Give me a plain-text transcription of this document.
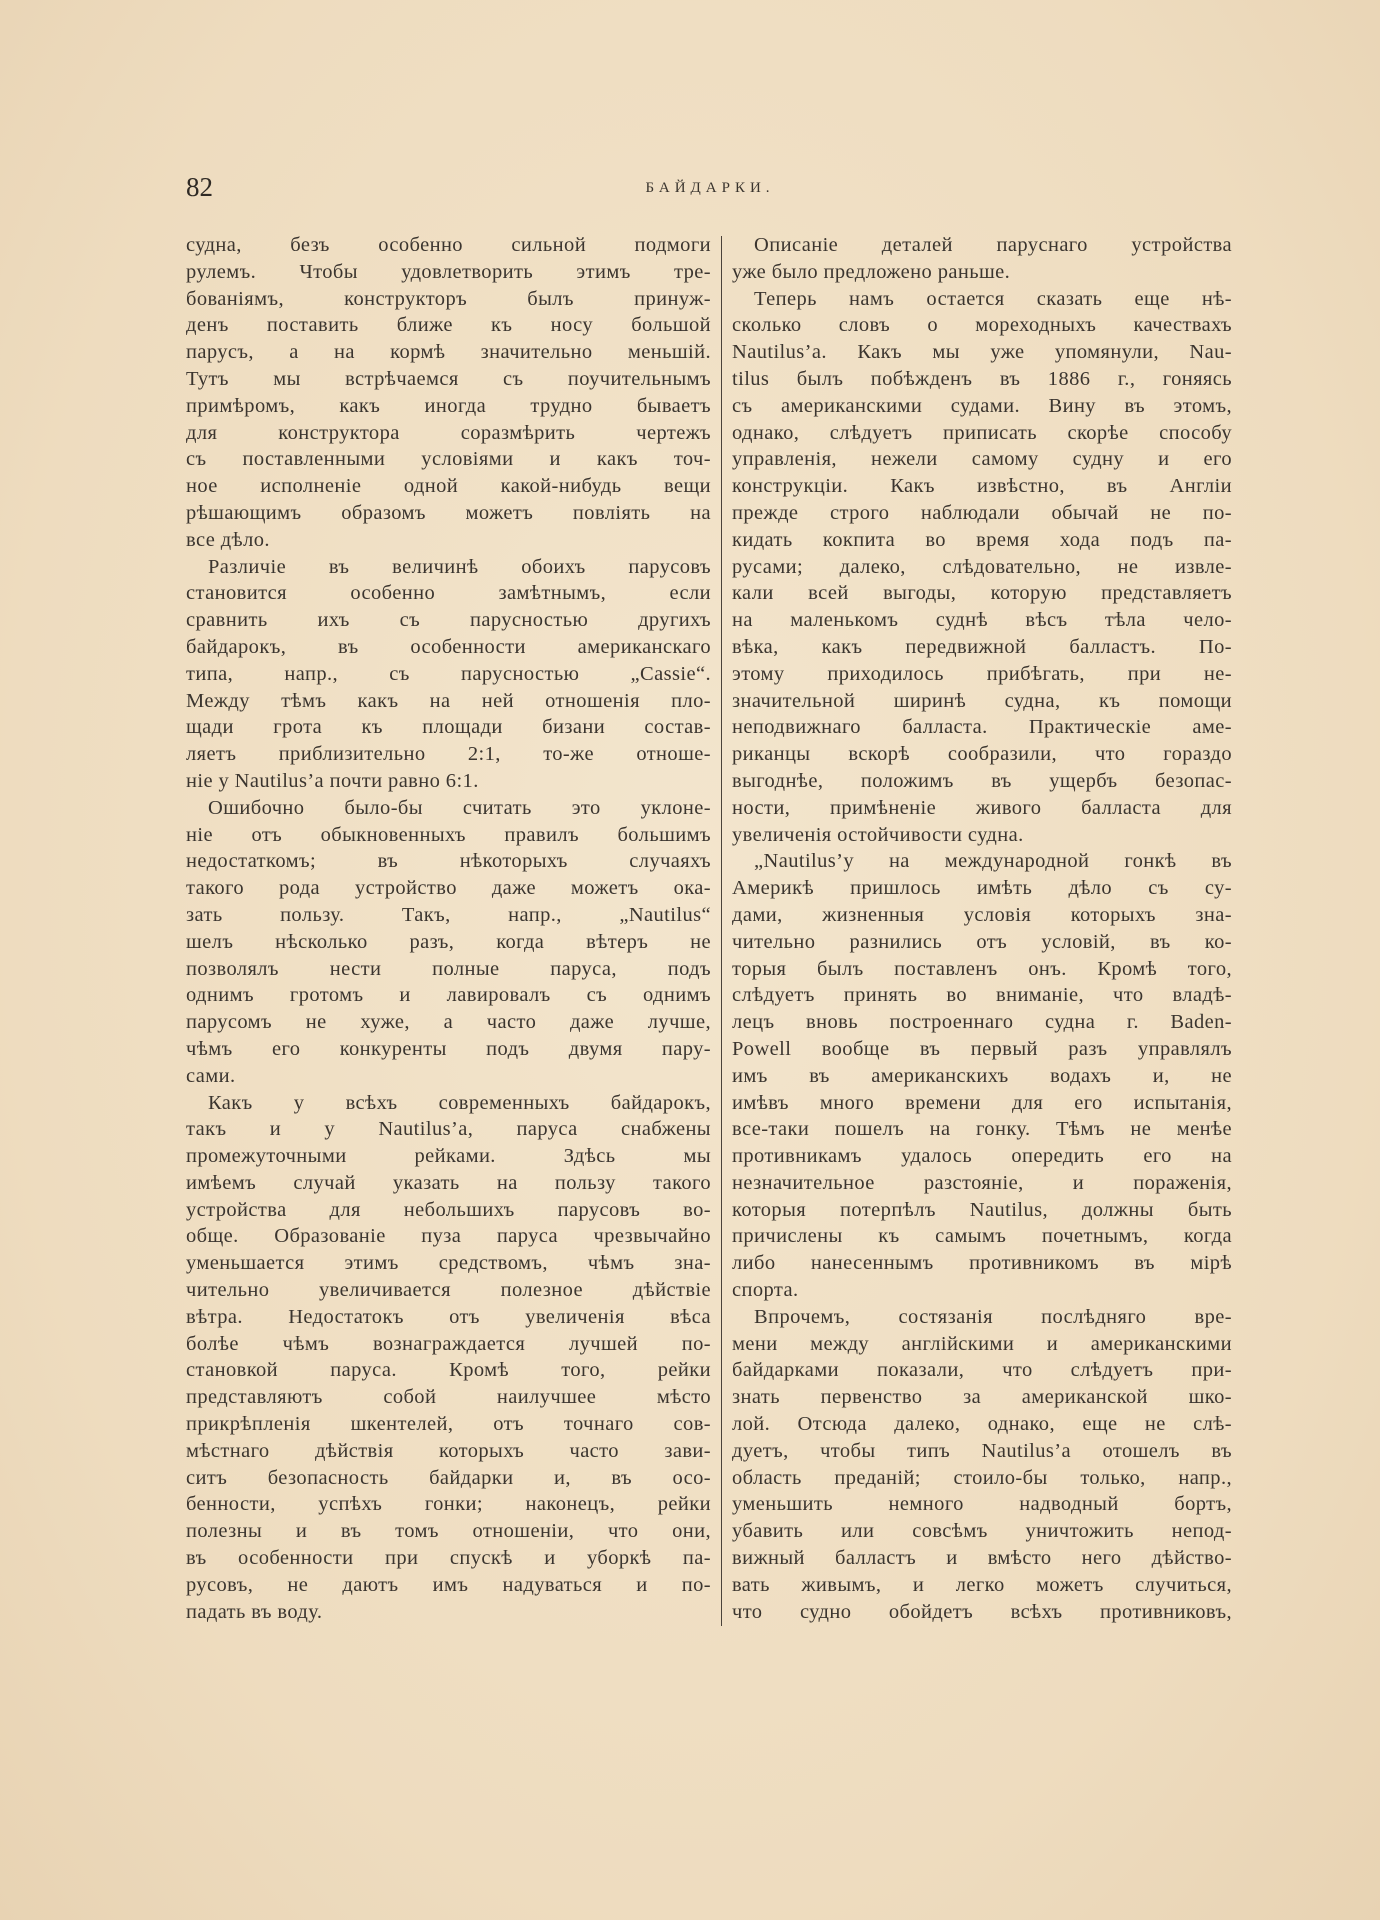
82	БАЙДАРКИ.
судна, безъ особенно сильной подмоги
рулемъ. Чтобы удовлетворить этимъ тре-
бованіямъ, конструкторъ былъ принуж-
денъ поставить ближе къ носу большой
парусъ, а на кормѣ значительно меньшій.
Тутъ мы встрѣчаемся съ поучительнымъ
примѣромъ, какъ иногда трудно бываетъ
для конструктора соразмѣрить чертежъ
съ поставленными условіями и какъ точ-
ное исполненіе одной какой-нибудь вещи
рѣшающимъ образомъ можетъ повліять на
все дѣло.
Различіе въ величинѣ обоихъ парусовъ
становится особенно замѣтнымъ, если
сравнить ихъ съ парусностью другихъ
байдарокъ, въ особенности американскаго
типа, напр., съ парусностью „Cassie“.
Между тѣмъ какъ на ней отношенія пло-
щади грота къ площади бизани состав-
ляетъ приблизительно 2:1, то-же отноше-
ніе у Nautilus’a почти равно 6:1.
Ошибочно было-бы считать это уклоне-
ніе отъ обыкновенныхъ правилъ большимъ
недостаткомъ; въ нѣкоторыхъ случаяхъ
такого рода устройство даже можетъ ока-
зать пользу. Такъ, напр., „Nautilus“
шелъ нѣсколько разъ, когда вѣтеръ не
позволялъ нести полные паруса, подъ
однимъ гротомъ и лавировалъ съ однимъ
парусомъ не хуже, а часто даже лучше,
чѣмъ его конкуренты подъ двумя пару-
сами.
Какъ у всѣхъ современныхъ байдарокъ,
такъ и у Nautilus’a, паруса снабжены
промежуточными рейками. Здѣсь мы
имѣемъ случай указать на пользу такого
устройства для небольшихъ парусовъ во-
обще. Образованіе пуза паруса чрезвычайно
уменьшается этимъ средствомъ, чѣмъ зна-
чительно увеличивается полезное дѣйствіе
вѣтра. Недостатокъ отъ увеличенія вѣса
болѣе чѣмъ вознаграждается лучшей по-
становкой паруса. Кромѣ того, рейки
представляютъ собой наилучшее мѣсто
прикрѣпленія шкентелей, отъ точнаго сов-
мѣстнаго дѣйствія которыхъ часто зави-
ситъ безопасность байдарки и, въ осо-
бенности, успѣхъ гонки; наконецъ, рейки
полезны и въ томъ отношеніи, что они,
въ особенности при спускѣ и уборкѣ па-
русовъ, не даютъ имъ надуваться и по-
падать въ воду.
Описаніе деталей паруснаго устройства
уже было предложено раньше.
Теперь намъ остается сказать еще нѣ-
сколько словъ о мореходныхъ качествахъ
Nautilus’a. Какъ мы уже упомянули, Nau-
tilus былъ побѣжденъ въ 1886 г., гоняясь
съ американскими судами. Вину въ этомъ,
однако, слѣдуетъ приписать скорѣе способу
управленія, нежели самому судну и его
конструкціи. Какъ извѣстно, въ Англіи
прежде строго наблюдали обычай не по-
кидать кокпита во время хода подъ па-
русами; далеко, слѣдовательно, не извле-
кали всей выгоды, которую представляетъ
на маленькомъ суднѣ вѣсъ тѣла чело-
вѣка, какъ передвижной балластъ. По-
этому приходилось прибѣгать, при не-
значительной ширинѣ судна, къ помощи
неподвижнаго балласта. Практическіе аме-
риканцы вскорѣ сообразили, что гораздо
выгоднѣе, положимъ въ ущербъ безопас-
ности, примѣненіе живого балласта для
увеличенія остойчивости судна.
„Nautilus’y на международной гонкѣ въ
Америкѣ пришлось имѣть дѣло съ су-
дами, жизненныя условія которыхъ зна-
чительно разнились отъ условій, въ ко-
торыя былъ поставленъ онъ. Кромѣ того,
слѣдуетъ принять во вниманіе, что владѣ-
лецъ вновь построеннаго судна г. Baden-
Powell вообще въ первый разъ управлялъ
имъ въ американскихъ водахъ и, не
имѣвъ много времени для его испытанія,
все-таки пошелъ на гонку. Тѣмъ не менѣе
противникамъ удалось опередить его на
незначительное разстояніе, и пораженія,
которыя потерпѣлъ Nautilus, должны быть
причислены къ самымъ почетнымъ, когда
либо нанесеннымъ противникомъ въ мірѣ
спорта.
Впрочемъ, состязанія послѣдняго вре-
мени между англійскими и американскими
байдарками показали, что слѣдуетъ при-
знать первенство за американской шко-
лой. Отсюда далеко, однако, еще не слѣ-
дуетъ, чтобы типъ Nautilus’a отошелъ въ
область преданій; стоило-бы только, напр.,
уменьшить немного надводный бортъ,
убавить или совсѣмъ уничтожить непод-
вижный балластъ и вмѣсто него дѣйство-
вать живымъ, и легко можетъ случиться,
что судно обойдетъ всѣхъ противниковъ,
